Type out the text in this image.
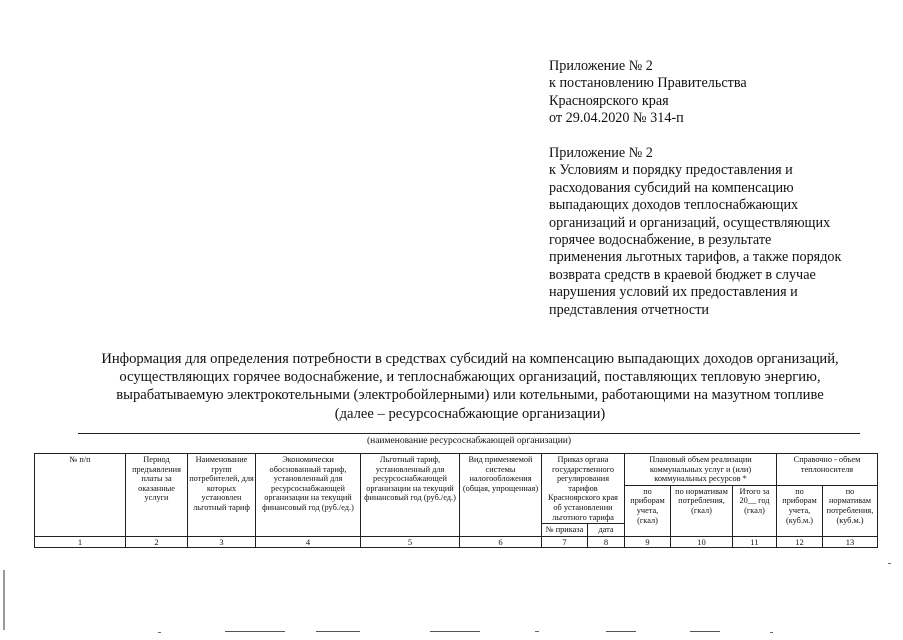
Приложение № 2
к постановлению Правительства
Красноярского края
от 29.04.2020 № 314-п
Приложение № 2
к Условиям и порядку предоставления и
расходования субсидий на компенсацию
выпадающих доходов теплоснабжающих
организаций и организаций, осуществляющих
горячее водоснабжение, в результате
применения льготных тарифов, а также порядок
возврата средств в краевой бюджет в случае
нарушения условий их предоставления и
представления отчетности
Информация для определения потребности в средствах субсидий на компенсацию выпадающих доходов организаций,
осуществляющих горячее водоснабжение, и теплоснабжающих организаций, поставляющих тепловую энергию,
вырабатываемую электрокотельными (электробойлерными) или котельными, работающими на мазутном топливе
(далее – ресурсоснабжающие организации)
(наименование ресурсоснабжающей организации)
№ п/п	Период предъявления платы за оказанные услуги	Наименование групп потребителей, для которых установлен льготный тариф	Экономически обоснованный тариф, установленный для ресурсоснабжающей организации на текущий финансовый год (руб./ед.)	Льготный тариф, установленный для ресурсоснабжающей организации на текущий финансовый год (руб./ед.)	Вид применяемой системы налогообложения (общая, упрощенная)	Приказ органа государственного регулирования тарифов Красноярского края об установлении льготного тарифа		Плановый объем реализации коммунальных услуг и (или) коммунальных ресурсов *			Справочно - объем теплоносителя	
								по приборам учета, (гкал)	по нормативам потребления, (гкал)	Итого за 20__ год (гкал)	по приборам учета, (куб.м.)	по нормативам потребления, (куб.м.)
						№ приказа	дата					
1	2	3	4	5	6	7	8	9	10	11	12	13
